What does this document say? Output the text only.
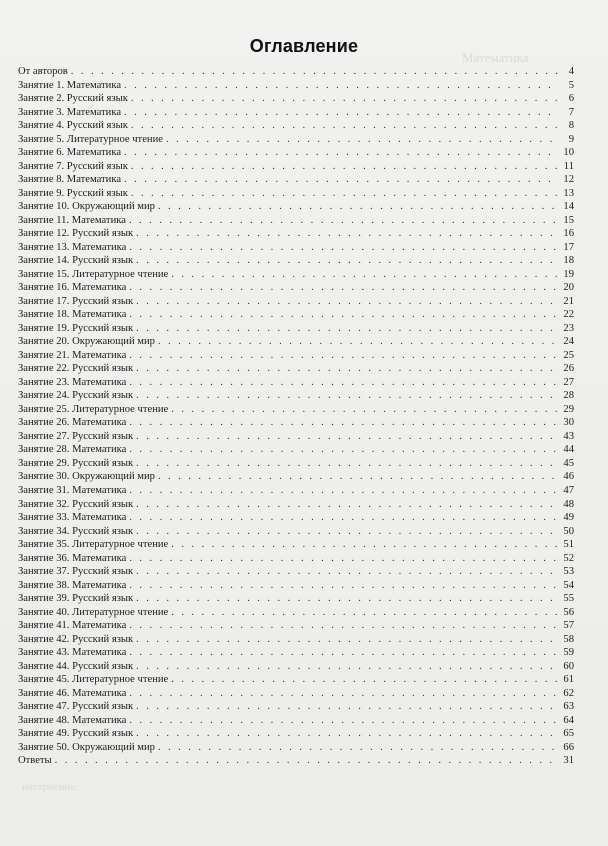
Математика
настроение.
Оглавление
От авторов . . .	4
Занятие 1. Математика . . .	5
Занятие 2. Русский язык . . .	6
Занятие 3. Математика . . .	7
Занятие 4. Русский язык . . .	8
Занятие 5. Литературное чтение . . .	9
Занятие 6. Математика . . .	10
Занятие 7. Русский язык . . .	11
Занятие 8. Математика . . .	12
Занятие 9. Русский язык . . .	13
Занятие 10. Окружающий мир . . .	14
Занятие 11. Математика . . .	15
Занятие 12. Русский язык . . .	16
Занятие 13. Математика . . .	17
Занятие 14. Русский язык . . .	18
Занятие 15. Литературное чтение . . .	19
Занятие 16. Математика . . .	20
Занятие 17. Русский язык . . .	21
Занятие 18. Математика . . .	22
Занятие 19. Русский язык . . .	23
Занятие 20. Окружающий мир . . .	24
Занятие 21. Математика . . .	25
Занятие 22. Русский язык . . .	26
Занятие 23. Математика . . .	27
Занятие 24. Русский язык . . .	28
Занятие 25. Литературное чтение . . .	29
Занятие 26. Математика . . .	30
Занятие 27. Русский язык . . .	43
Занятие 28. Математика . . .	44
Занятие 29. Русский язык . . .	45
Занятие 30. Окружающий мир . . .	46
Занятие 31. Математика . . .	47
Занятие 32. Русский язык . . .	48
Занятие 33. Математика . . .	49
Занятие 34. Русский язык . . .	50
Занятие 35. Литературное чтение . . .	51
Занятие 36. Математика . . .	52
Занятие 37. Русский язык . . .	53
Занятие 38. Математика . . .	54
Занятие 39. Русский язык . . .	55
Занятие 40. Литературное чтение . . .	56
Занятие 41. Математика . . .	57
Занятие 42. Русский язык . . .	58
Занятие 43. Математика . . .	59
Занятие 44. Русский язык . . .	60
Занятие 45. Литературное чтение . . .	61
Занятие 46. Математика . . .	62
Занятие 47. Русский язык . . .	63
Занятие 48. Математика . . .	64
Занятие 49. Русский язык . . .	65
Занятие 50. Окружающий мир . . .	66
Ответы . . .	31
